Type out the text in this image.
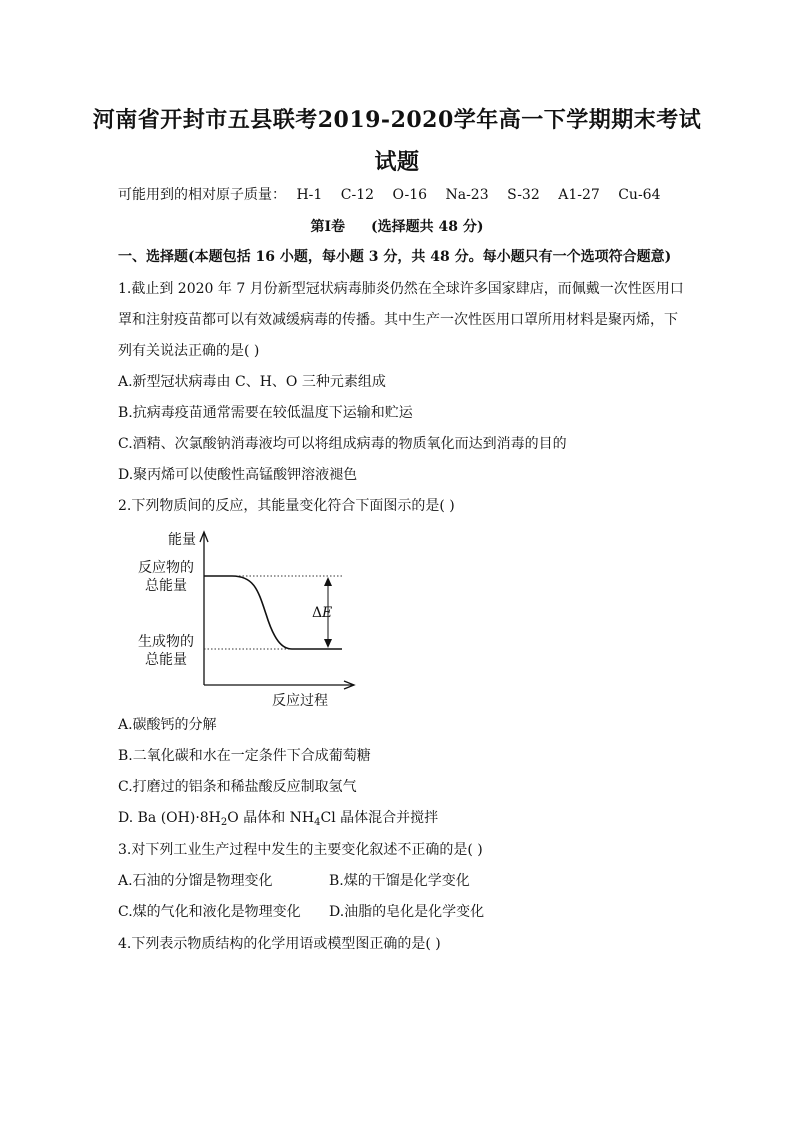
河南省开封市五县联考2019-2020学年高一下学期期末考试
试题
可能用到的相对原子质量： H-1 C-12 O-16 Na-23 S-32 A1-27 Cu-64
第Ⅰ卷 (选择题共 48 分)
一、选择题(本题包括 16 小题，每小题 3 分，共 48 分。每小题只有一个选项符合题意)
1.截止到 2020 年 7 月份新型冠状病毒肺炎仍然在全球许多国家肆店，而佩戴一次性医用口
罩和注射疫苗都可以有效减缓病毒的传播。其中生产一次性医用口罩所用材料是聚丙烯，下
列有关说法正确的是( )
A.新型冠状病毒由 C、H、O 三种元素组成
B.抗病毒疫苗通常需要在较低温度下运输和贮运
C.酒精、次氯酸钠消毒液均可以将组成病毒的物质氧化而达到消毒的目的
D.聚丙烯可以使酸性高锰酸钾溶液褪色
2.下列物质间的反应，其能量变化符合下面图示的是( )
能量
反应物的
总能量
生成物的
总能量
Δ E
反应过程
A.碳酸钙的分解
B.二氧化碳和水在一定条件下合成葡萄糖
C.打磨过的铝条和稀盐酸反应制取氢气
D. Ba $(OH)\cdot 8H_2O$ 晶体和 $NH_4Cl$ 晶体混合并搅拌
3.对下列工业生产过程中发生的主要变化叙述不正确的是( )
A.石油的分馏是物理变化	B.煤的干馏是化学变化
C.煤的气化和液化是物理变化 D.油脂的皂化是化学变化
4.下列表示物质结构的化学用语或模型图正确的是( )
